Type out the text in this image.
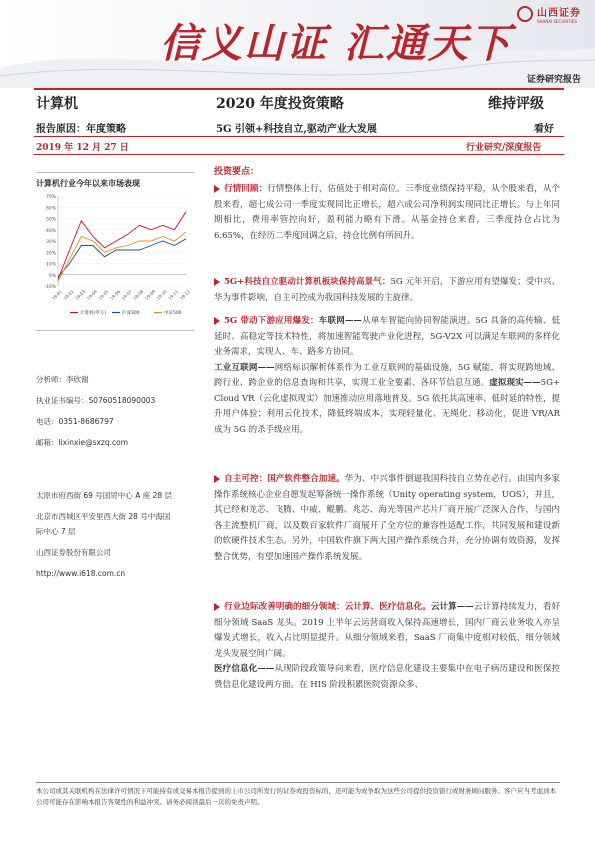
信义山证 汇通天下
山西证券
SHANXI SECURITIES
证券研究报告
计算机	2020 年度投资策略	维持评级
报告原因：年度策略	5G 引领+科技自立,驱动产业大发展	看好
2019 年 12 月 27 日	行业研究/深度报告
计算机行业今年以来市场表现
70%
60%
50%
40%
30%
20%
10%
0%
-10%
19-01 19-02 19-03 19-04 19-05 19-06 19-07 19-08 19-09 19-10 19-11 19-12
计算机(申万)	沪深300	中证500
分析师：李欣谢
执业证书编号：S0760518090003
电话：0351-8686797
邮箱：lixinxie@sxzq.com
太原市府西街 69 号国贸中心 A 座 28 层
北京市西城区平安里西大街 28 号中海国
际中心 7 层
山西证券股份有限公司
http://www.i618.com.cn
投资要点：
行情回顾：行情整体上行，估值处于相对高位。三季度业绩保持平稳，从个股来看，从个股来看，超七成公司一季度实现同比正增长，超六成公司净利润实现同比正增长。与上年同期相比，费用率管控向好，盈利能力略有下滑。从基金持仓来看，三季度持仓占比为 6.65%，在经历二季度回调之后，持仓比例有所回升。
5G+科技自立驱动计算机板块保持高景气：5G 元年开启，下游应用有望爆发；受中兴、华为事件影响，自主可控成为我国科技发展的主旋律。
5G 带动下游应用爆发：车联网——从单车智能向协同智能演进。5G 具备的高传输、低延时、高稳定等技术特性，将加速智能驾驶产业化进程，5G-V2X 可以满足车联网的多样化业务需求，实现人、车、路多方协同。
工业互联网——网络标识解析体系作为工业互联网的基础设施，5G 赋能，将实现跨地域、跨行业、跨企业的信息查询和共享，实现工业全要素、各环节信息互通。虚拟现实——5G+ Cloud VR（云化虚拟现实）加速推动应用落地普及。5G 依托其高速率、低时延的特性，提升用户体验；利用云化技术，降低终端成本，实现轻量化、无绳化、移动化，促进 VR/AR 成为 5G 的杀手级应用。
自主可控：国产软件整合加速。华为、中兴事件倒逼我国科技自立势在必行。由国内多家操作系统核心企业自愿发起筹备统一操作系统（Unity operating system，UOS），并且，其已经和龙芯、飞腾、中威、鲲鹏、兆芯、海光等国产芯片厂商开展广泛深入合作，与国内各主流整机厂商，以及数百家软件厂商展开了全方位的兼容性适配工作，共同发展和建设新的软硬件技术生态。另外，中国软件旗下两大国产操作系统合并，充分协调有效资源，发挥整合优势，有望加速国产操作系统发展。
行业边际改善明确的细分领域：云计算、医疗信息化。云计算——云计算持续发力，看好细分领域 SaaS 龙头。2019 上半年云运营商收入保持高速增长，国内厂商云业务收入亦呈爆发式增长，收入占比明显提升。从细分领域来看，SaaS 厂商集中度相对较低，细分领域龙头发展空间广阔。
医疗信息化——从现阶段政策导向来看，医疗信息化建设主要集中在电子病历建设和医保控费信息化建设两方面。在 HIS 阶段积累医院资源众多、
本公司或其关联机构在法律许可情况下可能持有或交易本报告提到的上市公司所发行的证券或投资标的，还可能为或争取为这些公司提供投资银行或财务顾问服务。客户应当考虑到本公司可能存在影响本报告客观性的利益冲突。请务必阅读最后一页的免责声明。
